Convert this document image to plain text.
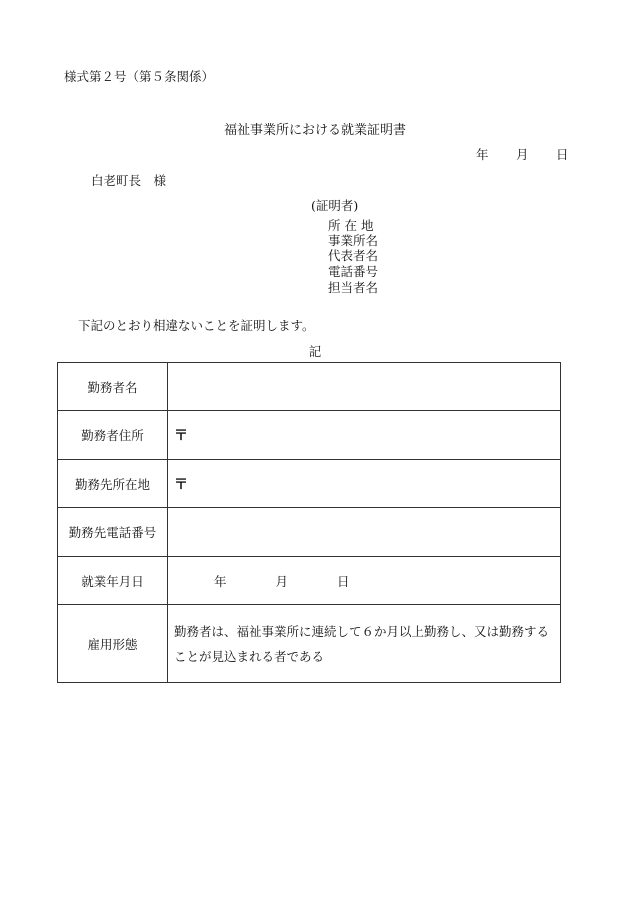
様式第２号（第５条関係）
福祉事業所における就業証明書
年 月 日
白老町長　様
(証明者)
所 在 地
事業所名
代表者名
電話番号
担当者名
下記のとおり相違ないことを証明します。
記
勤務者名	
勤務者住所	〒
勤務先所在地	〒
勤務先電話番号	
就業年月日	年 月 日
雇用形態	勤務者は、福祉事業所に連続して６か月以上勤務し、又は勤務することが見込まれる者である
